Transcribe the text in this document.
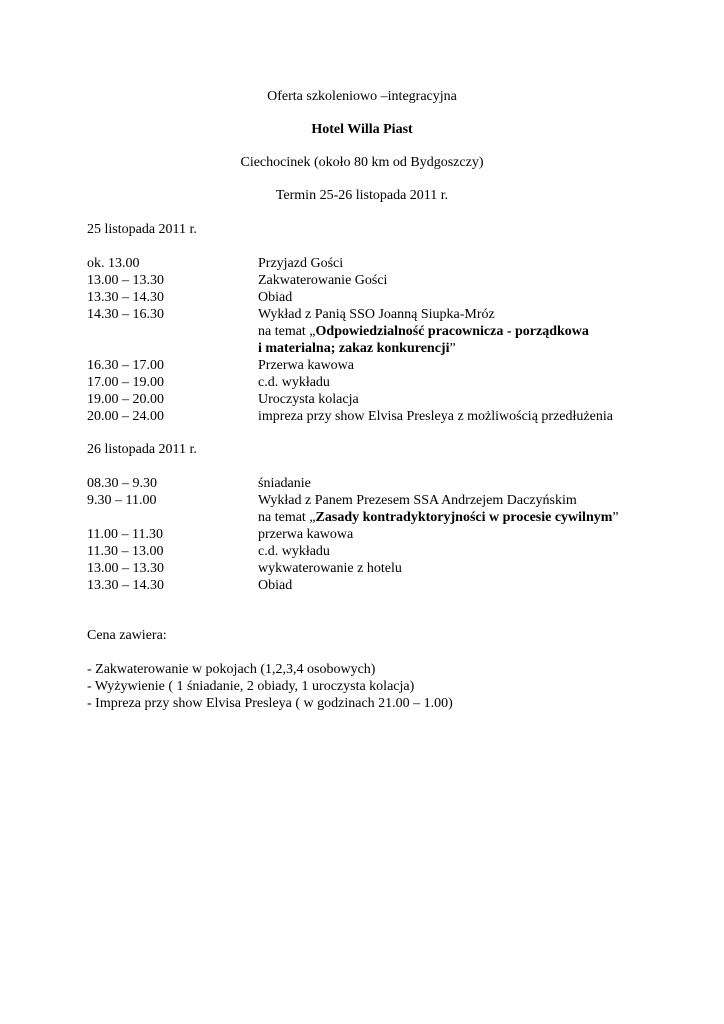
Oferta szkoleniowo –integracyjna
Hotel Willa Piast
Ciechocinek (około 80 km od Bydgoszczy)
Termin 25-26 listopada 2011 r.
25 listopada 2011 r.
ok. 13.00	Przyjazd Gości
13.00 – 13.30	Zakwaterowanie Gości
13.30 – 14.30	Obiad
14.30 – 16.30	Wykład z Panią SSO Joanną Siupka-Mróz
na temat „Odpowiedzialność pracownicza - porządkowa
i materialna; zakaz konkurencji”
16.30 – 17.00	Przerwa kawowa
17.00 – 19.00	c.d. wykładu
19.00 – 20.00	Uroczysta kolacja
20.00 – 24.00	impreza przy show Elvisa Presleya z możliwością przedłużenia
26 listopada 2011 r.
08.30 – 9.30	śniadanie
9.30 – 11.00	Wykład z Panem Prezesem SSA Andrzejem Daczyńskim
na temat „Zasady kontradyktoryjności w procesie cywilnym”
11.00 – 11.30	przerwa kawowa
11.30 – 13.00	c.d. wykładu
13.00 – 13.30	wykwaterowanie z hotelu
13.30 – 14.30	Obiad
Cena zawiera:
- Zakwaterowanie w pokojach (1,2,3,4 osobowych)
- Wyżywienie ( 1 śniadanie, 2 obiady, 1 uroczysta kolacja)
- Impreza przy show Elvisa Presleya ( w godzinach 21.00 – 1.00)
